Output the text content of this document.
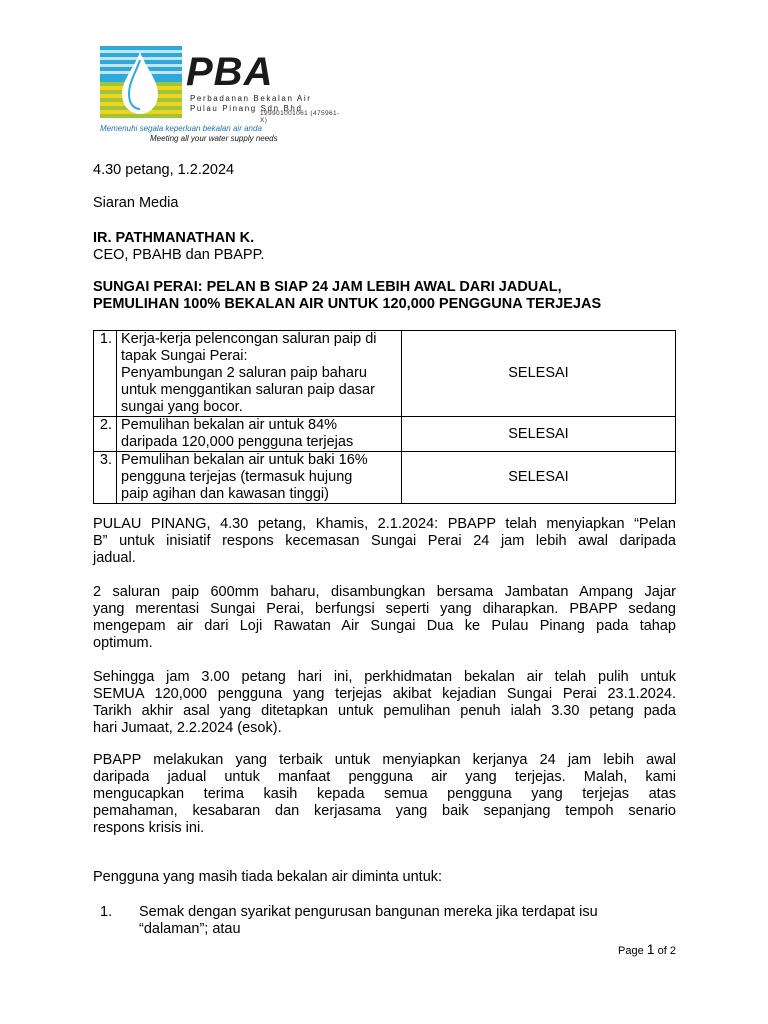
PBA
Perbadanan Bekalan Air
Pulau Pinang Sdn Bhd
199901001061 (475961-X)
Memenuhi segala keperluan bekalan air anda
Meeting all your water supply needs
4.30 petang, 1.2.2024
Siaran Media
IR. PATHMANATHAN K.
CEO, PBAHB dan PBAPP.
SUNGAI PERAI: PELAN B SIAP 24 JAM LEBIH AWAL DARI JADUAL,
PEMULIHAN 100% BEKALAN AIR UNTUK 120,000 PENGGUNA TERJEJAS
1.	Kerja-kerja pelencongan saluran paip di
tapak Sungai Perai:
Penyambungan 2 saluran paip baharu
untuk menggantikan saluran paip dasar
sungai yang bocor.	SELESAI
2.	Pemulihan bekalan air untuk 84%
daripada 120,000 pengguna terjejas	SELESAI
3.	Pemulihan bekalan air untuk baki 16%
pengguna terjejas (termasuk hujung
paip agihan dan kawasan tinggi)	SELESAI
PULAU PINANG, 4.30 petang, Khamis, 2.1.2024: PBAPP telah menyiapkan “Pelan
B” untuk inisiatif respons kecemasan Sungai Perai 24 jam lebih awal daripada
jadual.
2 saluran paip 600mm baharu, disambungkan bersama Jambatan Ampang Jajar
yang merentasi Sungai Perai, berfungsi seperti yang diharapkan. PBAPP sedang
mengepam air dari Loji Rawatan Air Sungai Dua ke Pulau Pinang pada tahap
optimum.
Sehingga jam 3.00 petang hari ini, perkhidmatan bekalan air telah pulih untuk
SEMUA 120,000 pengguna yang terjejas akibat kejadian Sungai Perai 23.1.2024.
Tarikh akhir asal yang ditetapkan untuk pemulihan penuh ialah 3.30 petang pada
hari Jumaat, 2.2.2024 (esok).
PBAPP melakukan yang terbaik untuk menyiapkan kerjanya 24 jam lebih awal
daripada jadual untuk manfaat pengguna air yang terjejas. Malah, kami
mengucapkan terima kasih kepada semua pengguna yang terjejas atas
pemahaman, kesabaran dan kerjasama yang baik sepanjang tempoh senario
respons krisis ini.
Pengguna yang masih tiada bekalan air diminta untuk:
1. Semak dengan syarikat pengurusan bangunan mereka jika terdapat isu
“dalaman”; atau
Page 1 of 2
